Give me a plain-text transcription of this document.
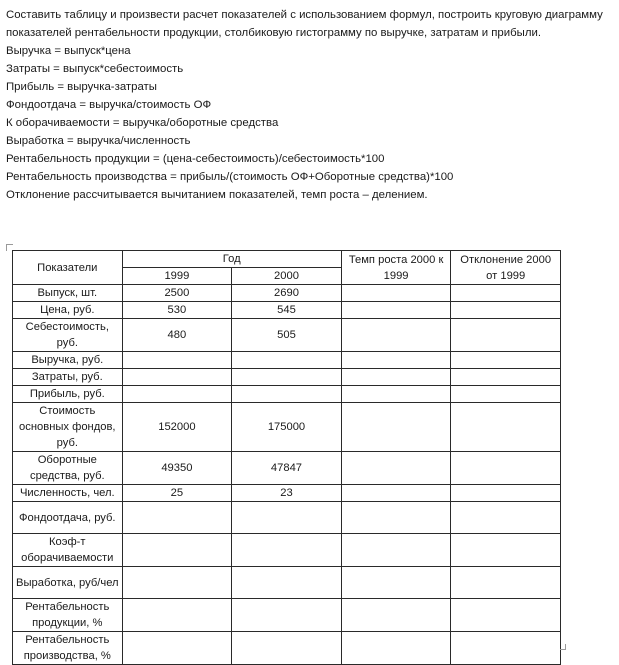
Составить таблицу и произвести расчет показателей с использованием формул, построить круговую диаграмму показателей рентабельности продукции, столбиковую гистограмму по выручке, затратам и прибыли.

Выручка = выпуск*цена

Затраты = выпуск*себестоимость

Прибыль = выручка-затраты

Фондоотдача = выручка/стоимость ОФ

К оборачиваемости = выручка/оборотные средства

Выработка = выручка/численность

Рентабельность продукции = (цена-себестоимость)/себестоимость*100

Рентабельность производства = прибыль/(стоимость ОФ+Оборотные средства)*100

Отклонение рассчитывается вычитанием показателей, темп роста – делением.

Показатели	Год		Темп роста 2000 к 1999	Отклонение 2000 от 1999
	1999	2000		
Выпуск, шт.	2500	2690		
Цена, руб.	530	545		
Себестоимость, руб.	480	505		
Выручка, руб.				
Затраты, руб.				
Прибыль, руб.				
Стоимость основных фондов, руб.	152000	175000		
Оборотные средства, руб.	49350	47847		
Численность, чел.	25	23		
Фондоотдача, руб.				
Коэф-т оборачиваемости				
Выработка, руб/чел				
Рентабельность продукции, %				
Рентабельность производства, %				
